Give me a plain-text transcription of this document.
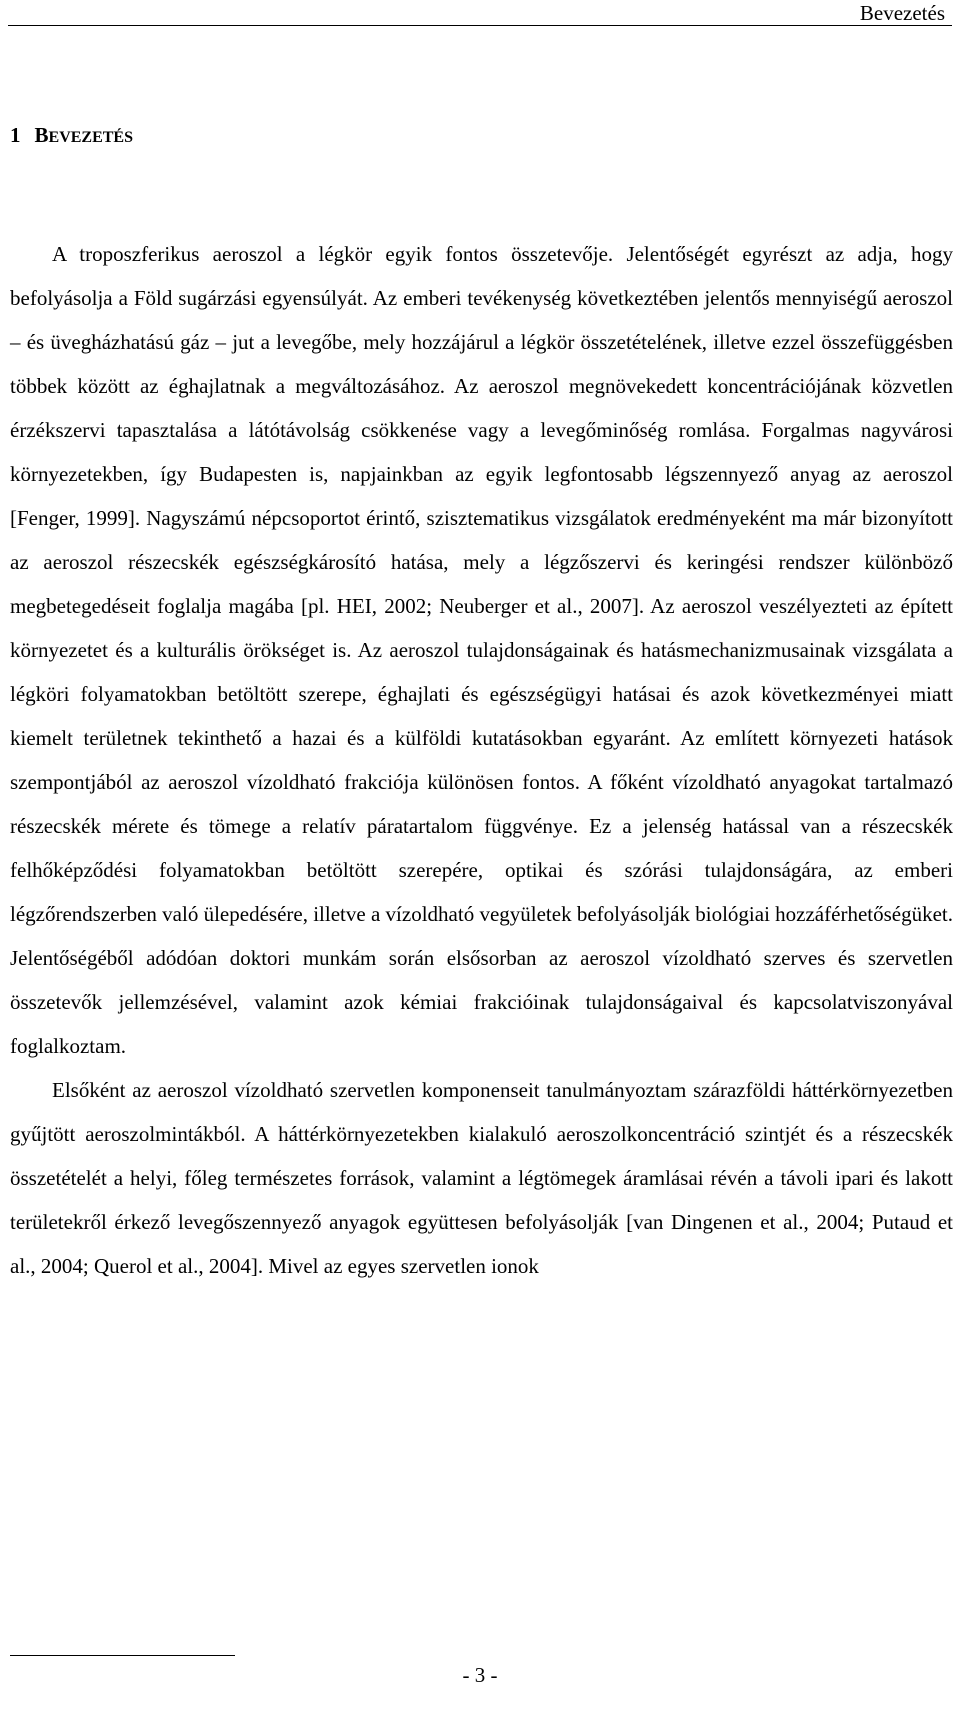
Bevezetés
1 BEVEZETÉS

A troposzferikus aeroszol a légkör egyik fontos összetevője. Jelentőségét egyrészt az adja, hogy befolyásolja a Föld sugárzási egyensúlyát. Az emberi tevékenység következtében jelentős mennyiségű aeroszol – és üvegházhatású gáz – jut a levegőbe, mely hozzájárul a légkör összetételének, illetve ezzel összefüggésben többek között az éghajlatnak a megváltozásához. Az aeroszol megnövekedett koncentrációjának közvetlen érzékszervi tapasztalása a látótávolság csökkenése vagy a levegőminőség romlása. Forgalmas nagyvárosi környezetekben, így Budapesten is, napjainkban az egyik legfontosabb légszennyező anyag az aeroszol [Fenger, 1999]. Nagyszámú népcsoportot érintő, szisztematikus vizsgálatok eredményeként ma már bizonyított az aeroszol részecskék egészségkárosító hatása, mely a légzőszervi és keringési rendszer különböző megbetegedéseit foglalja magába [pl. HEI, 2002; Neuberger et al., 2007]. Az aeroszol veszélyezteti az épített környezetet és a kulturális örökséget is. Az aeroszol tulajdonságainak és hatásmechanizmusainak vizsgálata a légköri folyamatokban betöltött szerepe, éghajlati és egészségügyi hatásai és azok következményei miatt kiemelt területnek tekinthető a hazai és a külföldi kutatásokban egyaránt. Az említett környezeti hatások szempontjából az aeroszol vízoldható frakciója különösen fontos. A főként vízoldható anyagokat tartalmazó részecskék mérete és tömege a relatív páratartalom függvénye. Ez a jelenség hatással van a részecskék felhőképződési folyamatokban betöltött szerepére, optikai és szórási tulajdonságára, az emberi légzőrendszerben való ülepedésére, illetve a vízoldható vegyületek befolyásolják biológiai hozzáférhetőségüket. Jelentőségéből adódóan doktori munkám során elsősorban az aeroszol vízoldható szerves és szervetlen összetevők jellemzésével, valamint azok kémiai frakcióinak tulajdonságaival és kapcsolatviszonyával foglalkoztam.

Elsőként az aeroszol vízoldható szervetlen komponenseit tanulmányoztam szárazföldi háttérkörnyezetben gyűjtött aeroszolmintákból. A háttérkörnyezetekben kialakuló aeroszolkoncentráció szintjét és a részecskék összetételét a helyi, főleg természetes források, valamint a légtömegek áramlásai révén a távoli ipari és lakott területekről érkező levegőszennyező anyagok együttesen befolyásolják [van Dingenen et al., 2004; Putaud et al., 2004; Querol et al., 2004]. Mivel az egyes szervetlen ionok

- 3 -
